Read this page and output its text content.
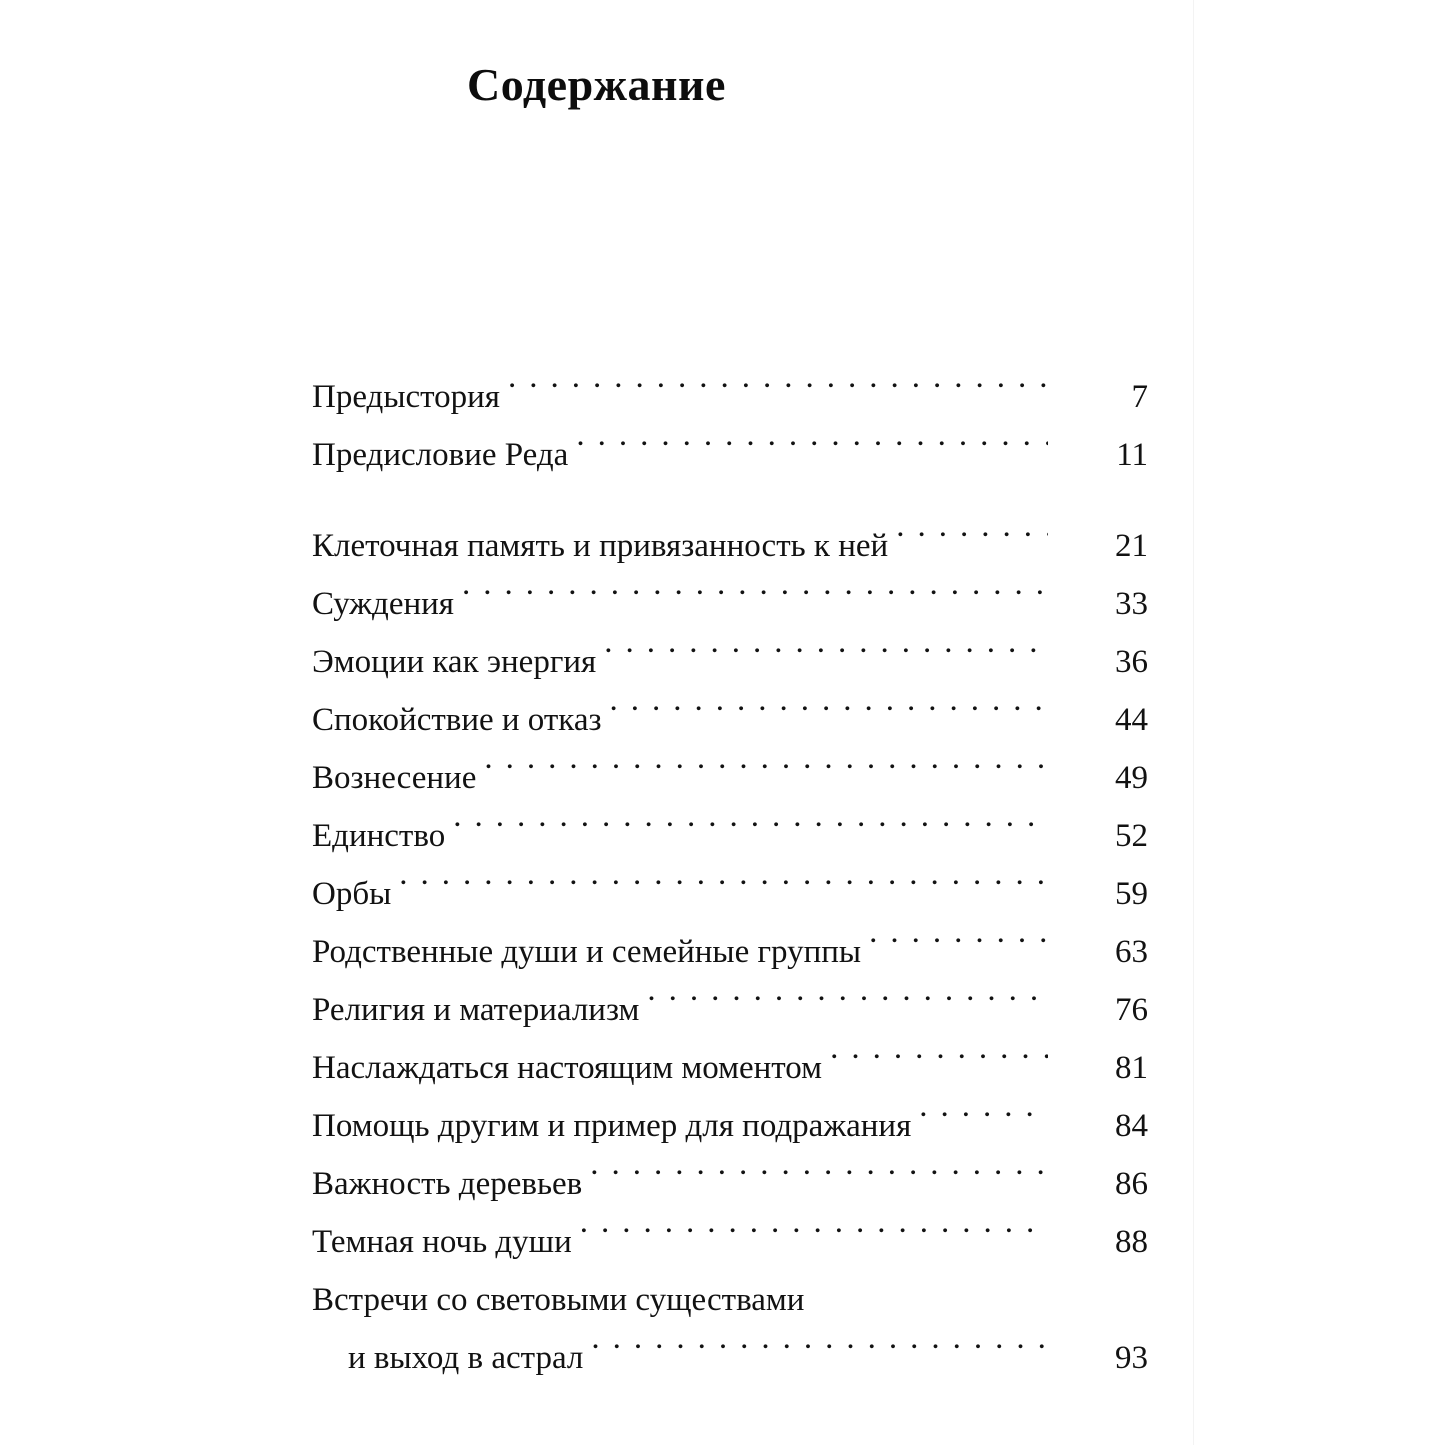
Содержание
Предыстория .....	7
Предисловие Реда .....	11
Клеточная память и привязанность к ней .....	21
Суждения .....	33
Эмоции как энергия .....	36
Спокойствие и отказ .....	44
Вознесение .....	49
Единство .....	52
Орбы .....	59
Родственные души и семейные группы .....	63
Религия и материализм .....	76
Наслаждаться настоящим моментом .....	81
Помощь другим и пример для подражания .....	84
Важность деревьев .....	86
Темная ночь души .....	88
Встречи со световыми существами
и выход в астрал .....	93
